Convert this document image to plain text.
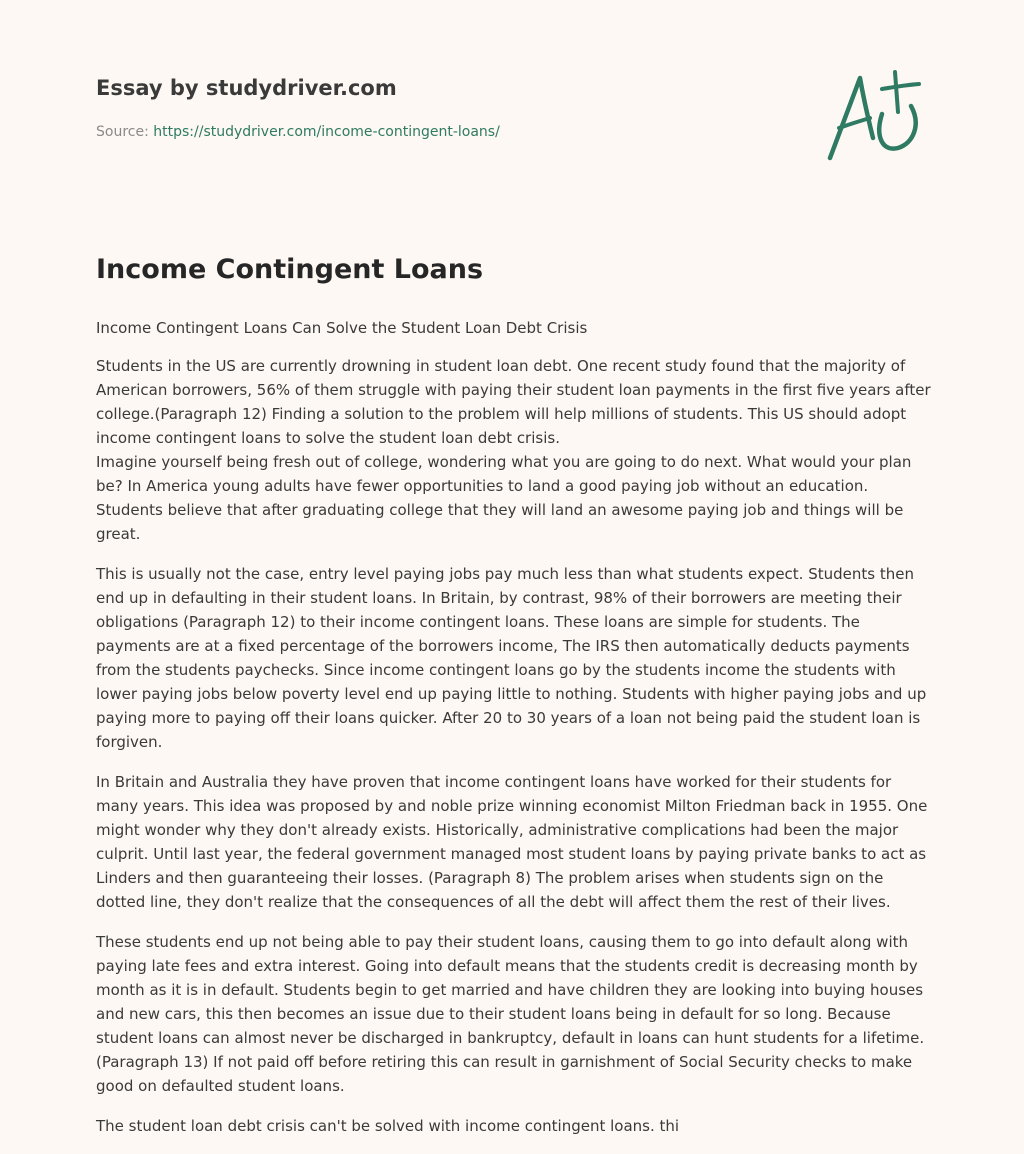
Essay by studydriver.com
Source: https://studydriver.com/income-contingent-loans/
Income Contingent Loans

Income Contingent Loans Can Solve the Student Loan Debt Crisis

Students in the US are currently drowning in student loan debt. One recent study found that the majority of American borrowers, 56% of them struggle with paying their student loan payments in the first five years after college.(Paragraph 12) Finding a solution to the problem will help millions of students. This US should adopt income contingent loans to solve the student loan debt crisis.

Imagine yourself being fresh out of college, wondering what you are going to do next. What would your plan be? In America young adults have fewer opportunities to land a good paying job without an education. Students believe that after graduating college that they will land an awesome paying job and things will be great.

This is usually not the case, entry level paying jobs pay much less than what students expect. Students then end up in defaulting in their student loans. In Britain, by contrast, 98% of their borrowers are meeting their obligations (Paragraph 12) to their income contingent loans. These loans are simple for students. The payments are at a fixed percentage of the borrowers income, The IRS then automatically deducts payments from the students paychecks. Since income contingent loans go by the students income the students with lower paying jobs below poverty level end up paying little to nothing. Students with higher paying jobs and up paying more to paying off their loans quicker. After 20 to 30 years of a loan not being paid the student loan is forgiven.

In Britain and Australia they have proven that income contingent loans have worked for their students for many years. This idea was proposed by and noble prize winning economist Milton Friedman back in 1955. One might wonder why they don't already exists. Historically, administrative complications had been the major culprit. Until last year, the federal government managed most student loans by paying private banks to act as Linders and then guaranteeing their losses. (Paragraph 8) The problem arises when students sign on the dotted line, they don't realize that the consequences of all the debt will affect them the rest of their lives.

These students end up not being able to pay their student loans, causing them to go into default along with paying late fees and extra interest. Going into default means that the students credit is decreasing month by month as it is in default. Students begin to get married and have children they are looking into buying houses and new cars, this then becomes an issue due to their student loans being in default for so long. Because student loans can almost never be discharged in bankruptcy, default in loans can hunt students for a lifetime. (Paragraph 13) If not paid off before retiring this can result in garnishment of Social Security checks to make good on defaulted student loans.

The student loan debt crisis can't be solved with income contingent loans. thi
